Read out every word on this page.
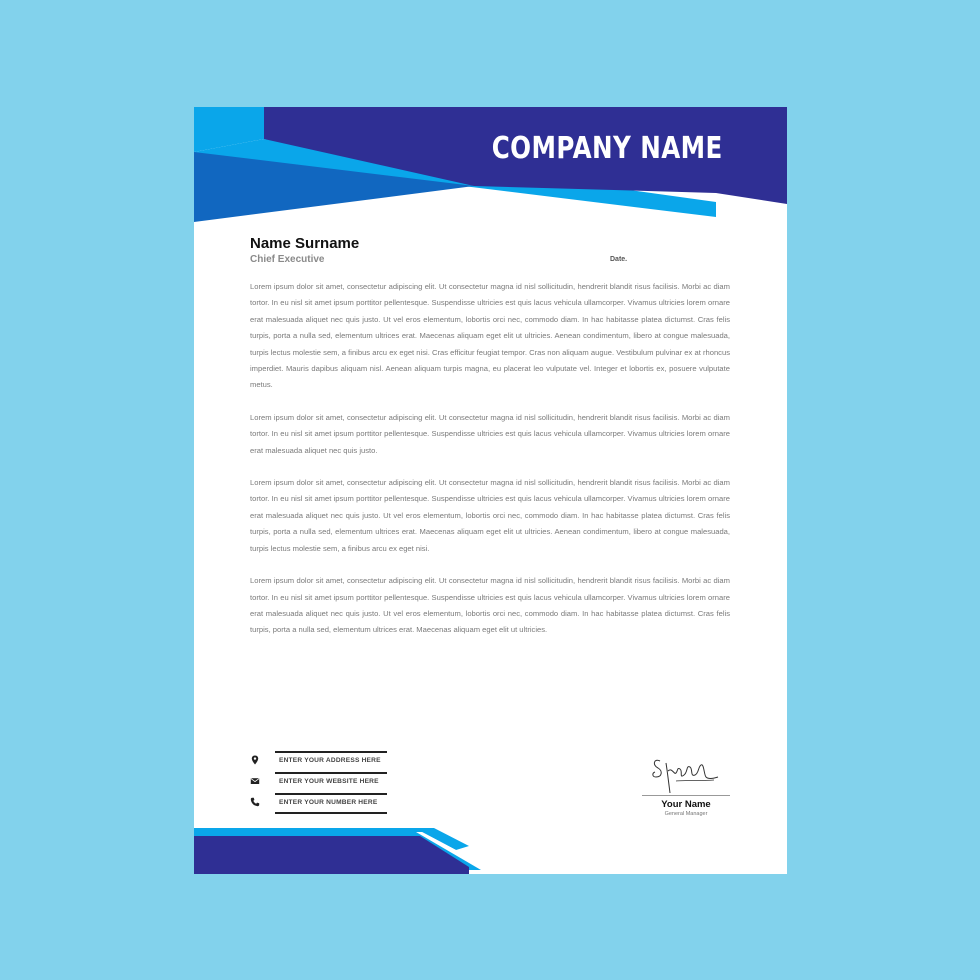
COMPANY NAME
Name Surname
Chief Executive	Date.

Lorem ipsum dolor sit amet, consectetur adipiscing elit. Ut consectetur magna id nisl sollicitudin, hendrerit blandit risus facilisis. Morbi ac diam tortor. In eu nisl sit amet ipsum porttitor pellentesque. Suspendisse ultricies est quis lacus vehicula ullamcorper. Vivamus ultricies lorem ornare erat malesuada aliquet nec quis justo. Ut vel eros elementum, lobortis orci nec, commodo diam. In hac habitasse platea dictumst. Cras felis turpis, porta a nulla sed, elementum ultrices erat. Maecenas aliquam eget elit ut ultricies. Aenean condimentum, libero at congue malesuada, turpis lectus molestie sem, a finibus arcu ex eget nisi. Cras efficitur feugiat tempor. Cras non aliquam augue. Vestibulum pulvinar ex at rhoncus imperdiet. Mauris dapibus aliquam nisl. Aenean aliquam turpis magna, eu placerat leo vulputate vel. Integer et lobortis ex, posuere vulputate metus.

Lorem ipsum dolor sit amet, consectetur adipiscing elit. Ut consectetur magna id nisl sollicitudin, hendrerit blandit risus facilisis. Morbi ac diam tortor. In eu nisl sit amet ipsum porttitor pellentesque. Suspendisse ultricies est quis lacus vehicula ullamcorper. Vivamus ultricies lorem ornare erat malesuada aliquet nec quis justo.

Lorem ipsum dolor sit amet, consectetur adipiscing elit. Ut consectetur magna id nisl sollicitudin, hendrerit blandit risus facilisis. Morbi ac diam tortor. In eu nisl sit amet ipsum porttitor pellentesque. Suspendisse ultricies est quis lacus vehicula ullamcorper. Vivamus ultricies lorem ornare erat malesuada aliquet nec quis justo. Ut vel eros elementum, lobortis orci nec, commodo diam. In hac habitasse platea dictumst. Cras felis turpis, porta a nulla sed, elementum ultrices erat. Maecenas aliquam eget elit ut ultricies. Aenean condimentum, libero at congue malesuada, turpis lectus molestie sem, a finibus arcu ex eget nisi.

Lorem ipsum dolor sit amet, consectetur adipiscing elit. Ut consectetur magna id nisl sollicitudin, hendrerit blandit risus facilisis. Morbi ac diam tortor. In eu nisl sit amet ipsum porttitor pellentesque. Suspendisse ultricies est quis lacus vehicula ullamcorper. Vivamus ultricies lorem ornare erat malesuada aliquet nec quis justo. Ut vel eros elementum, lobortis orci nec, commodo diam. In hac habitasse platea dictumst. Cras felis turpis, porta a nulla sed, elementum ultrices erat. Maecenas aliquam eget elit ut ultricies.

ENTER YOUR ADDRESS HERE
ENTER YOUR WEBSITE HERE
ENTER YOUR NUMBER HERE	Your Name
General Manager
